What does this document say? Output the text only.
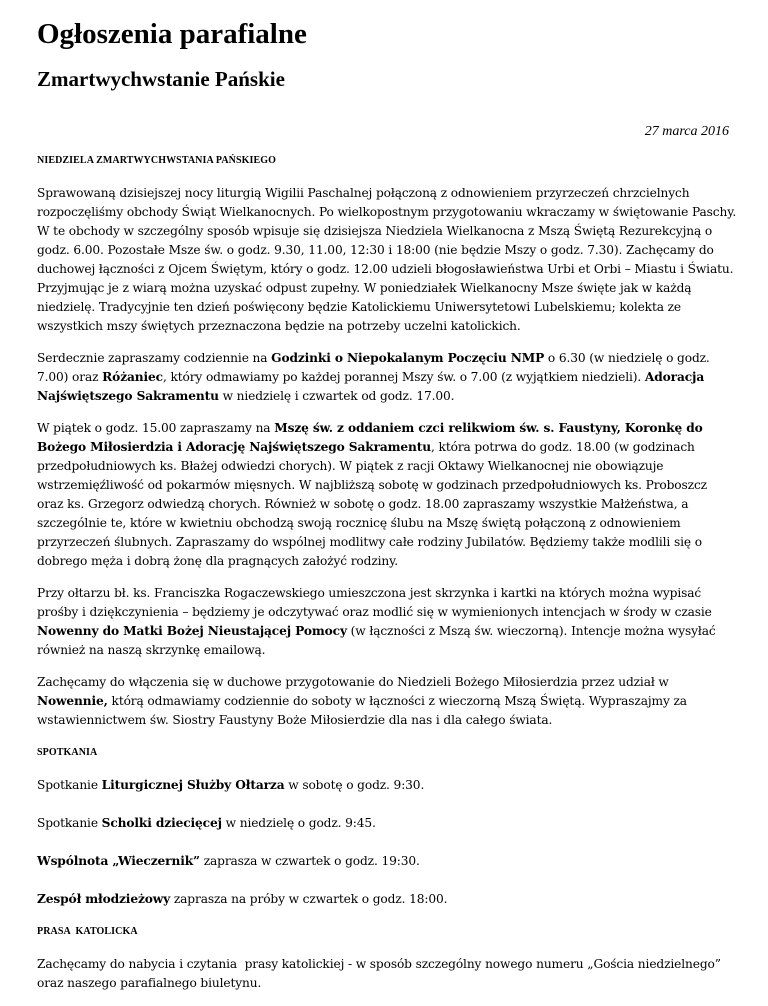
Ogłoszenia parafialne
Zmartwychwstanie Pańskie
27 marca 2016
NIEDZIELA ZMARTWYCHWSTANIA PAŃSKIEGO

Sprawowaną dzisiejszej nocy liturgią Wigilii Paschalnej połączoną z odnowieniem przyrzeczeń chrzcielnych rozpoczęliśmy obchody Świąt Wielkanocnych. Po wielkopostnym przygotowaniu wkraczamy w świętowanie Paschy. W te obchody w szczególny sposób wpisuje się dzisiejsza Niedziela Wielkanocna z Mszą Świętą Rezurekcyjną o godz. 6.00. Pozostałe Msze św. o godz. 9.30, 11.00, 12:30 i 18:00 (nie będzie Mszy o godz. 7.30). Zachęcamy do duchowej łączności z Ojcem Świętym, który o godz. 12.00 udzieli błogosławieństwa Urbi et Orbi – Miastu i Światu. Przyjmując je z wiarą można uzyskać odpust zupełny. W poniedziałek Wielkanocny Msze święte jak w każdą niedzielę. Tradycyjnie ten dzień poświęcony będzie Katolickiemu Uniwersytetowi Lubelskiemu; kolekta ze wszystkich mszy świętych przeznaczona będzie na potrzeby uczelni katolickich.

Serdecznie zapraszamy codziennie na Godzinki o Niepokalanym Poczęciu NMP o 6.30 (w niedzielę o godz. 7.00) oraz Różaniec, który odmawiamy po każdej porannej Mszy św. o 7.00 (z wyjątkiem niedzieli). Adoracja Najświętszego Sakramentu w niedzielę i czwartek od godz. 17.00.

W piątek o godz. 15.00 zapraszamy na Mszę św. z oddaniem czci relikwiom św. s. Faustyny, Koronkę do Bożego Miłosierdzia i Adorację Najświętszego Sakramentu, która potrwa do godz. 18.00 (w godzinach przedpołudniowych ks. Błażej odwiedzi chorych). W piątek z racji Oktawy Wielkanocnej nie obowiązuje wstrzemięźliwość od pokarmów mięsnych. W najbliższą sobotę w godzinach przedpołudniowych ks. Proboszcz oraz ks. Grzegorz odwiedzą chorych. Również w sobotę o godz. 18.00 zapraszamy wszystkie Małżeństwa, a szczególnie te, które w kwietniu obchodzą swoją rocznicę ślubu na Mszę świętą połączoną z odnowieniem przyrzeczeń ślubnych. Zapraszamy do wspólnej modlitwy całe rodziny Jubilatów. Będziemy także modlili się o dobrego męża i dobrą żonę dla pragnących założyć rodziny.

Przy ołtarzu bł. ks. Franciszka Rogaczewskiego umieszczona jest skrzynka i kartki na których można wypisać prośby i dziękczynienia – będziemy je odczytywać oraz modlić się w wymienionych intencjach w środy w czasie Nowenny do Matki Bożej Nieustającej Pomocy (w łączności z Mszą św. wieczorną). Intencje można wysyłać również na naszą skrzynkę emailową.

Zachęcamy do włączenia się w duchowe przygotowanie do Niedzieli Bożego Miłosierdzia przez udział w Nowennie, którą odmawiamy codziennie do soboty w łączności z wieczorną Mszą Świętą. Wypraszajmy za wstawiennictwem św. Siostry Faustyny Boże Miłosierdzie dla nas i dla całego świata.

SPOTKANIA

Spotkanie Liturgicznej Służby Ołtarza w sobotę o godz. 9:30.

Spotkanie Scholki dziecięcej w niedzielę o godz. 9:45.

Wspólnota „Wieczernik” zaprasza w czwartek o godz. 19:30.

Zespół młodzieżowy zaprasza na próby w czwartek o godz. 18:00.

PRASA  KATOLICKA

Zachęcamy do nabycia i czytania  prasy katolickiej - w sposób szczególny nowego numeru „Gościa niedzielnego” oraz naszego parafialnego biuletynu.
